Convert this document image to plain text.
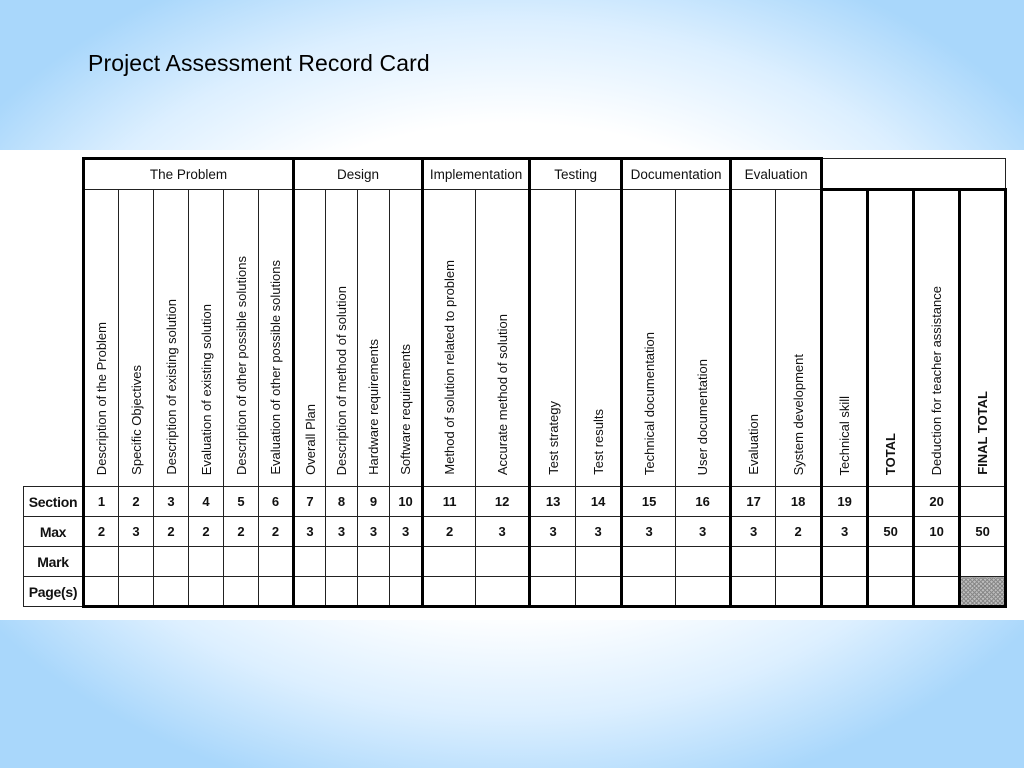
Project Assessment Record Card
	The Problem						Design				Implementation		Testing		Documentation		Evaluation					
	Description of the Problem	Specific Objectives	Description of existing solution	Evaluation of existing solution	Description of other possible solutions	Evaluation of other possible solutions	Overall Plan	Description of method of solution	Hardware requirements	Software requirements	Method of solution related to problem	Accurate method of solution	Test strategy	Test results	Technical documentation	User documentation	Evaluation	System development	Technical skill	TOTAL	Deduction for teacher assistance	FINAL TOTAL
Section	1	2	3	4	5	6	7	8	9	10	11	12	13	14	15	16	17	18	19		20	
Max	2	3	2	2	2	2	3	3	3	3	2	3	3	3	3	3	3	2	3	50	10	50
Mark																						
Page(s)																						
